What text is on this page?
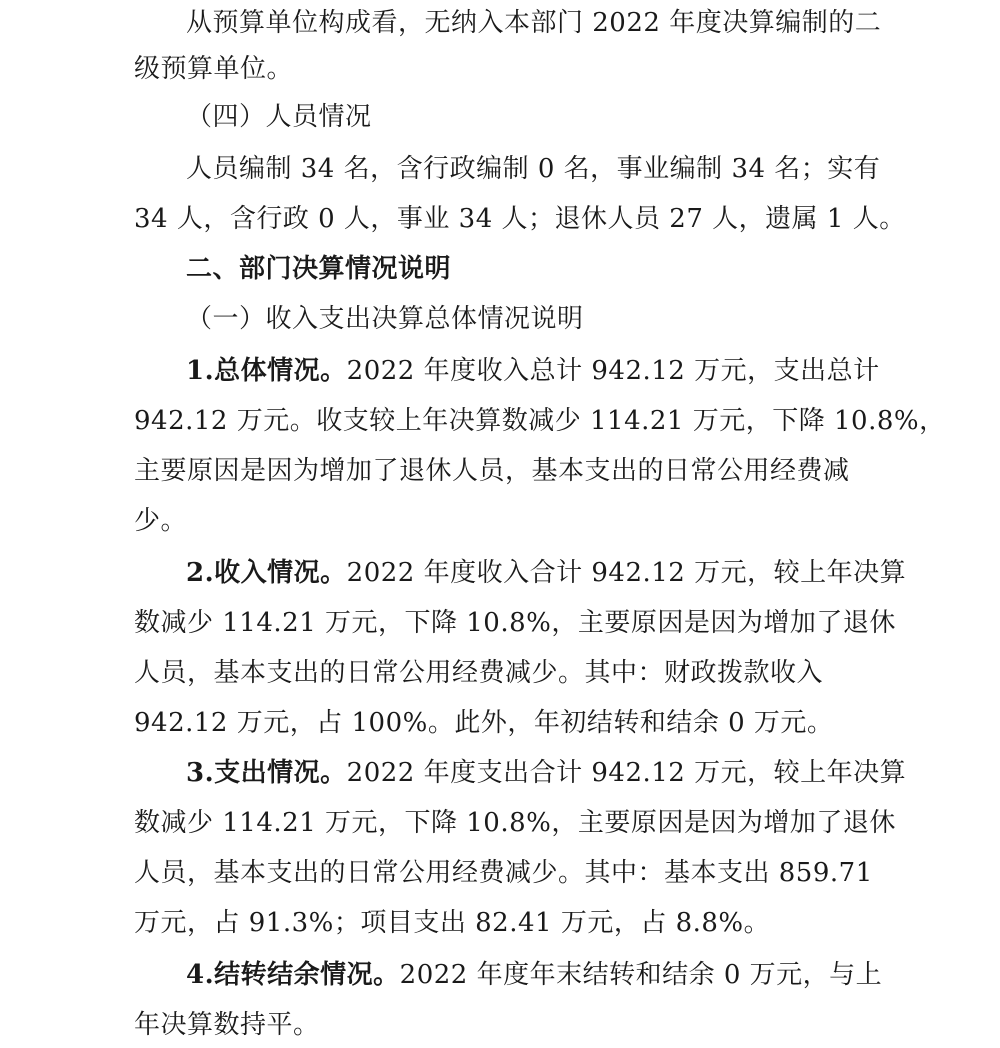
从预算单位构成看，无纳入本部门 2022 年度决算编制的二
级预算单位。
（四）人员情况
人员编制 34 名，含行政编制 0 名，事业编制 34 名；实有
34 人，含行政 0 人，事业 34 人；退休人员 27 人，遗属 1 人。
二、部门决算情况说明
（一）收入支出决算总体情况说明
1.总体情况。2022 年度收入总计 942.12 万元，支出总计
942.12 万元。收支较上年决算数减少 114.21 万元，下降 10.8%，
主要原因是因为增加了退休人员，基本支出的日常公用经费减
少。
2.收入情况。2022 年度收入合计 942.12 万元，较上年决算
数减少 114.21 万元，下降 10.8%，主要原因是因为增加了退休
人员，基本支出的日常公用经费减少。其中：财政拨款收入
942.12 万元，占 100%。此外，年初结转和结余 0 万元。
3.支出情况。2022 年度支出合计 942.12 万元，较上年决算
数减少 114.21 万元，下降 10.8%，主要原因是因为增加了退休
人员，基本支出的日常公用经费减少。其中：基本支出 859.71
万元，占 91.3%；项目支出 82.41 万元，占 8.8%。
4.结转结余情况。2022 年度年末结转和结余 0 万元，与上
年决算数持平。
